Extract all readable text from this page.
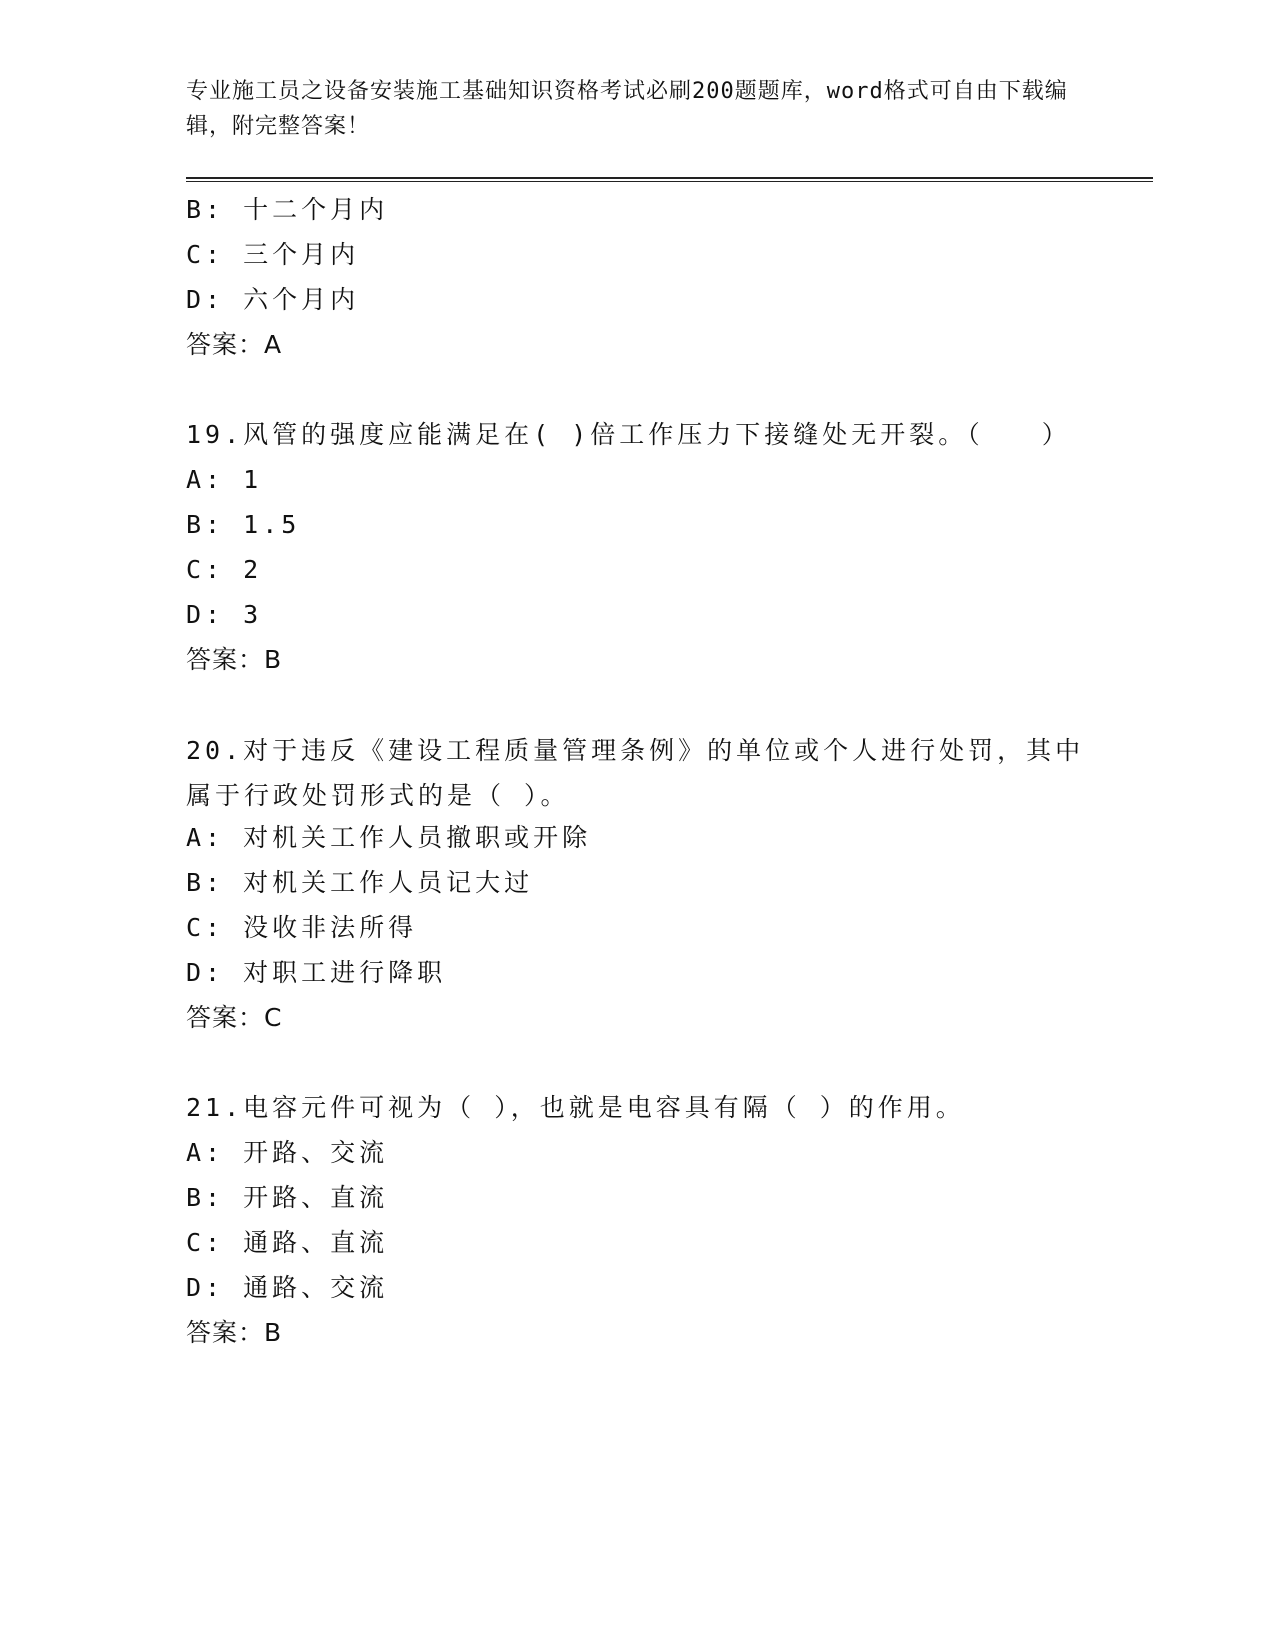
专业施工员之设备安装施工基础知识资格考试必刷200题题库，word格式可自由下载编辑，附完整答案！
B: 十二个月内
C: 三个月内
D: 六个月内
答案：A
19.风管的强度应能满足在( )倍工作压力下接缝处无开裂。（　　）
A: 1
B: 1.5
C: 2
D: 3
答案：B
20.对于违反《建设工程质量管理条例》的单位或个人进行处罚，其中属于行政处罚形式的是（ ）。
A: 对机关工作人员撤职或开除
B: 对机关工作人员记大过
C: 没收非法所得
D: 对职工进行降职
答案：C
21.电容元件可视为（ ），也就是电容具有隔（ ）的作用。
A: 开路、交流
B: 开路、直流
C: 通路、直流
D: 通路、交流
答案：B
